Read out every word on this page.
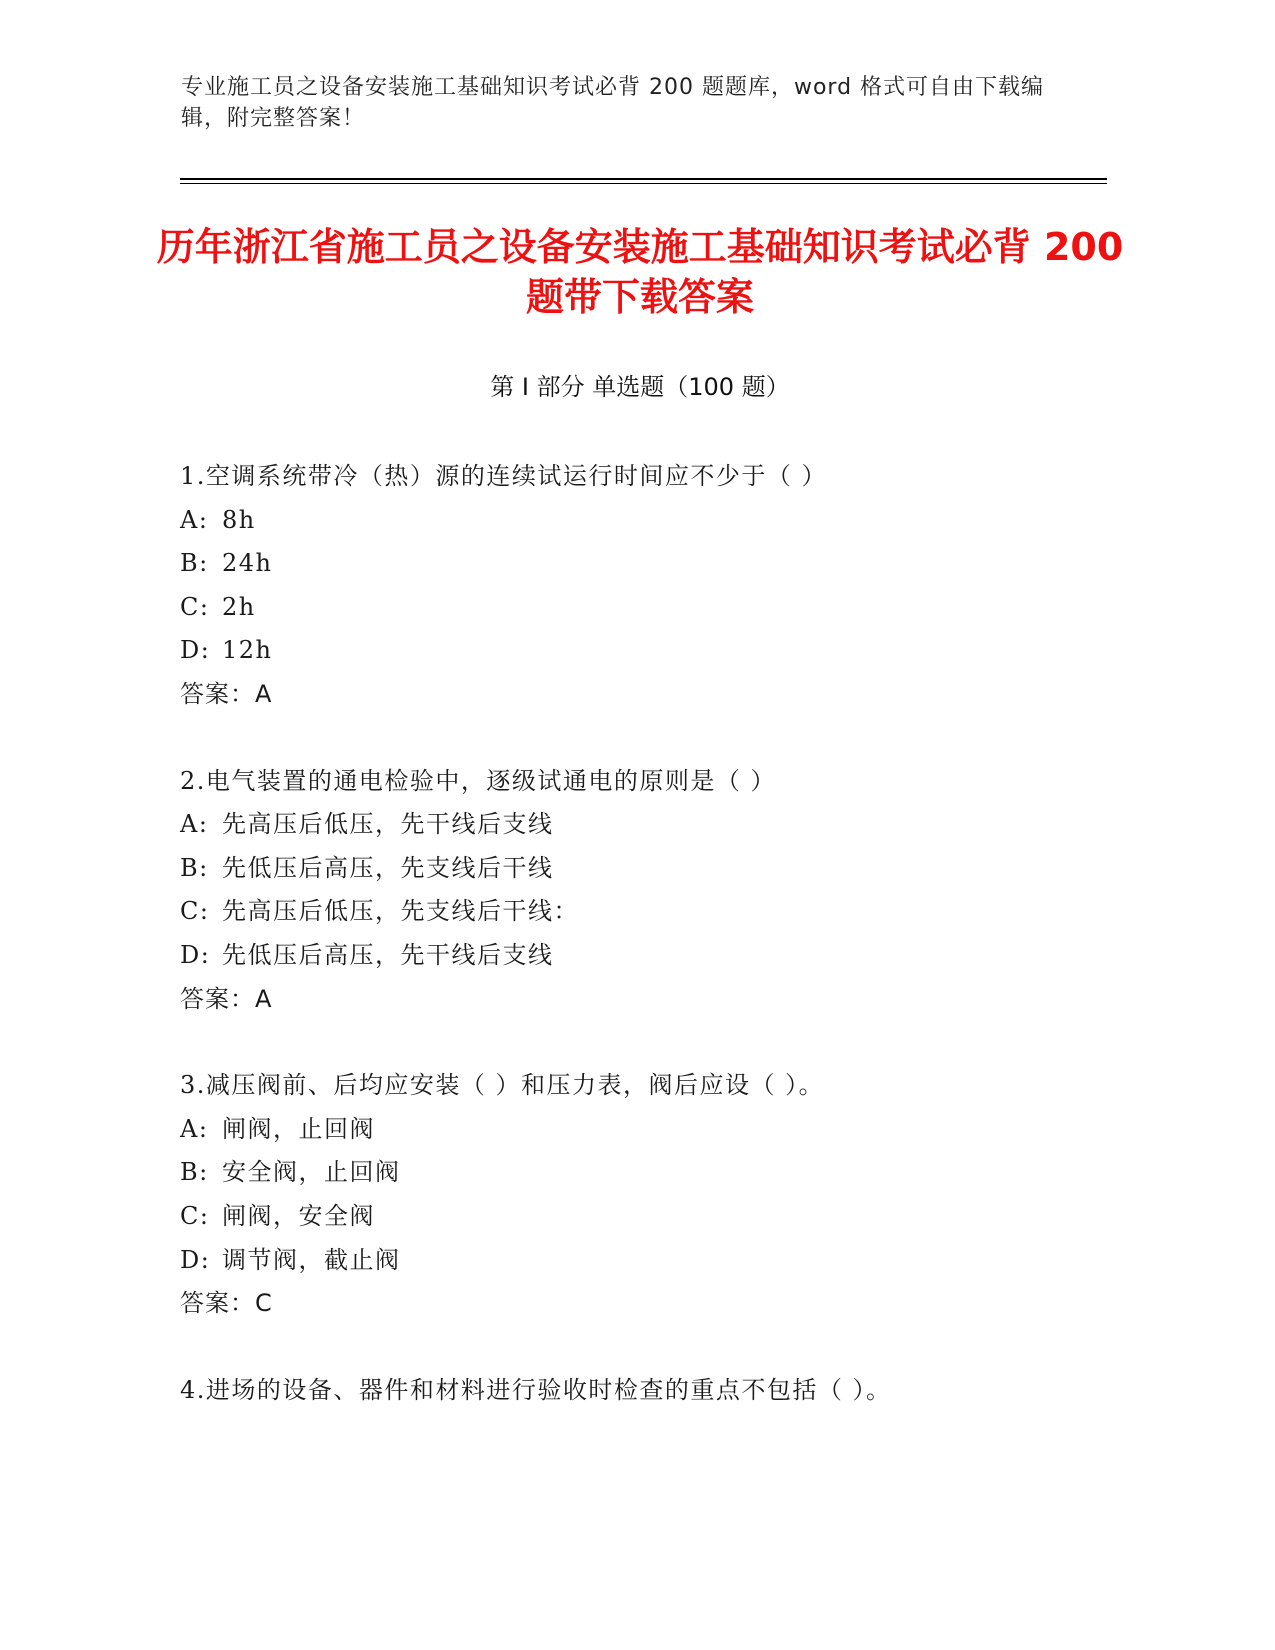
专业施工员之设备安装施工基础知识考试必背 200 题题库，word 格式可自由下载编辑，附完整答案！
历年浙江省施工员之设备安装施工基础知识考试必背 200 题带下载答案
第 I 部分 单选题（100 题）
1.空调系统带冷（热）源的连续试运行时间应不少于（ ）
A: 8h
B: 24h
C: 2h
D: 12h
答案：A
2.电气装置的通电检验中，逐级试通电的原则是（ ）
A: 先高压后低压，先干线后支线
B: 先低压后高压，先支线后干线
C: 先高压后低压，先支线后干线：
D: 先低压后高压，先干线后支线
答案：A
3.减压阀前、后均应安装（ ）和压力表，阀后应设（ ）。
A: 闸阀，止回阀
B: 安全阀，止回阀
C: 闸阀，安全阀
D: 调节阀，截止阀
答案：C
4.进场的设备、器件和材料进行验收时检查的重点不包括（ ）。
